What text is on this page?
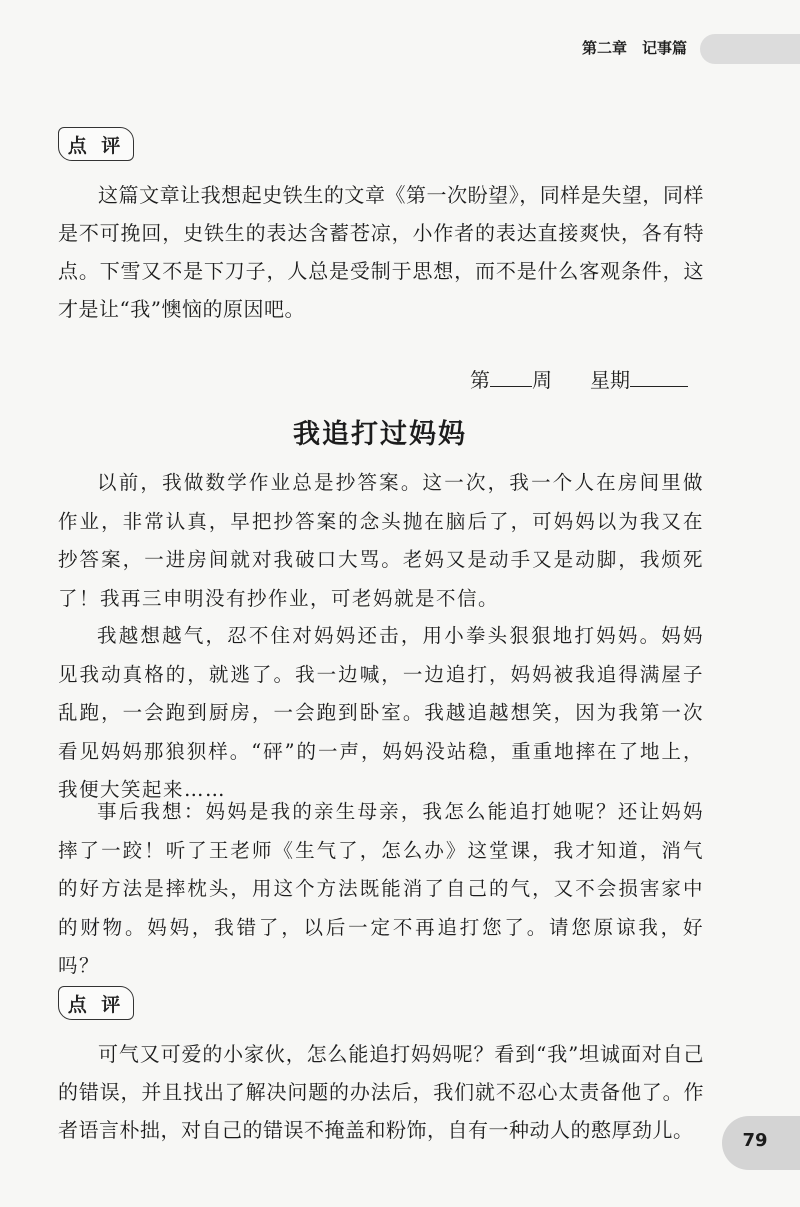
第二章　记事篇
点 评

这篇文章让我想起史铁生的文章《第一次盼望》，同样是失望，同样是不可挽回，史铁生的表达含蓄苍凉，小作者的表达直接爽快，各有特点。下雪又不是下刀子，人总是受制于思想，而不是什么客观条件，这才是让“我”懊恼的原因吧。

第 周 星期
我追打过妈妈

以前，我做数学作业总是抄答案。这一次，我一个人在房间里做作业，非常认真，早把抄答案的念头抛在脑后了，可妈妈以为我又在抄答案，一进房间就对我破口大骂。老妈又是动手又是动脚，我烦死了！我再三申明没有抄作业，可老妈就是不信。

我越想越气，忍不住对妈妈还击，用小拳头狠狠地打妈妈。妈妈见我动真格的，就逃了。我一边喊，一边追打，妈妈被我追得满屋子乱跑，一会跑到厨房，一会跑到卧室。我越追越想笑，因为我第一次看见妈妈那狼狈样。“砰”的一声，妈妈没站稳，重重地摔在了地上，我便大笑起来……

事后我想：妈妈是我的亲生母亲，我怎么能追打她呢？还让妈妈摔了一跤！听了王老师《生气了，怎么办》这堂课，我才知道，消气的好方法是摔枕头，用这个方法既能消了自己的气，又不会损害家中的财物。妈妈，我错了，以后一定不再追打您了。请您原谅我，好吗？

点 评

可气又可爱的小家伙，怎么能追打妈妈呢？看到“我”坦诚面对自己的错误，并且找出了解决问题的办法后，我们就不忍心太责备他了。作者语言朴拙，对自己的错误不掩盖和粉饰，自有一种动人的憨厚劲儿。	79
